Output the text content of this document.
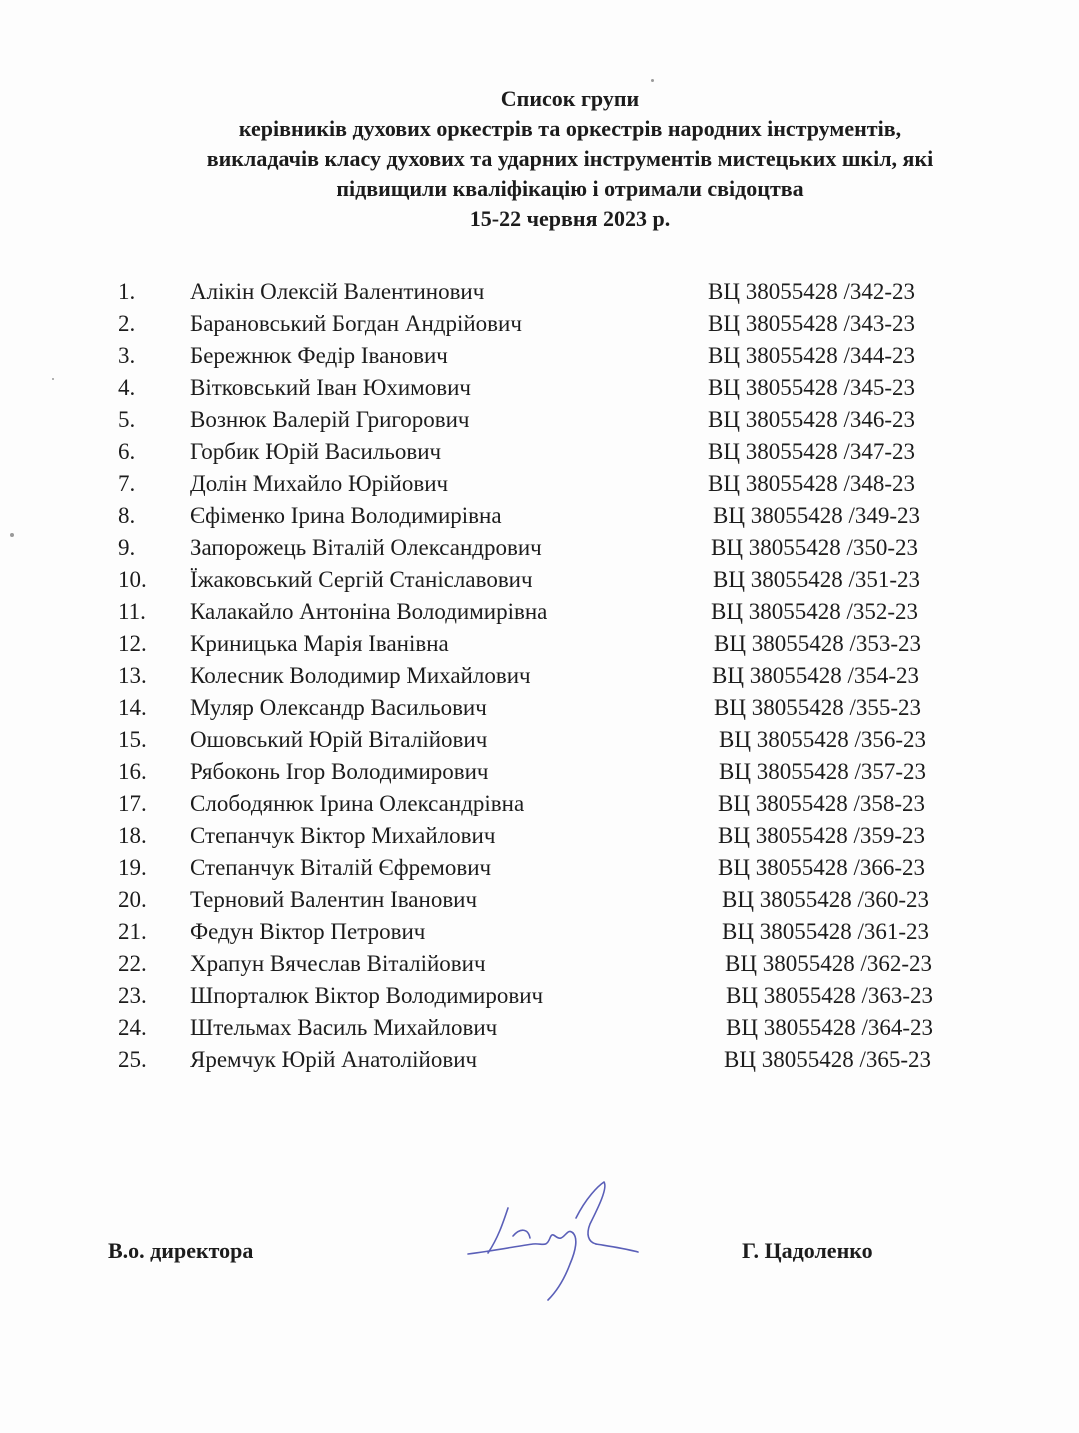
Список групи
керівників духових оркестрів та оркестрів народних інструментів,
викладачів класу духових та ударних інструментів мистецьких шкіл, які
підвищили кваліфікацію і отримали свідоцтва
15-22 червня 2023 р.
1. Алікін Олексій Валентинович	ВЦ 38055428 /342-23
2. Барановський Богдан Андрійович	ВЦ 38055428 /343-23
3. Бережнюк Федір Іванович	ВЦ 38055428 /344-23
4. Вітковський Іван Юхимович	ВЦ 38055428 /345-23
5. Вознюк Валерій Григорович	ВЦ 38055428 /346-23
6. Горбик Юрій Васильович	ВЦ 38055428 /347-23
7. Долін Михайло Юрійович	ВЦ 38055428 /348-23
8. Єфіменко Ірина Володимирівна	ВЦ 38055428 /349-23
9. Запорожець Віталій Олександрович	ВЦ 38055428 /350-23
10. Їжаковський Сергій Станіславович	ВЦ 38055428 /351-23
11. Калакайло Антоніна Володимирівна	ВЦ 38055428 /352-23
12. Криницька Марія Іванівна	ВЦ 38055428 /353-23
13. Колесник Володимир Михайлович	ВЦ 38055428 /354-23
14. Муляр Олександр Васильович	ВЦ 38055428 /355-23
15. Ошовський Юрій Віталійович	ВЦ 38055428 /356-23
16. Рябоконь Ігор Володимирович	ВЦ 38055428 /357-23
17. Слободянюк Ірина Олександрівна	ВЦ 38055428 /358-23
18. Степанчук Віктор Михайлович	ВЦ 38055428 /359-23
19. Степанчук Віталій Єфремович	ВЦ 38055428 /366-23
20. Терновий Валентин Іванович	ВЦ 38055428 /360-23
21. Федун Віктор Петрович	ВЦ 38055428 /361-23
22. Храпун Вячеслав Віталійович	ВЦ 38055428 /362-23
23. Шпорталюк Віктор Володимирович	ВЦ 38055428 /363-23
24. Штельмах Василь Михайлович	ВЦ 38055428 /364-23
25. Яремчук Юрій Анатолійович	ВЦ 38055428 /365-23
В.о. директора	Г. Цадоленко
